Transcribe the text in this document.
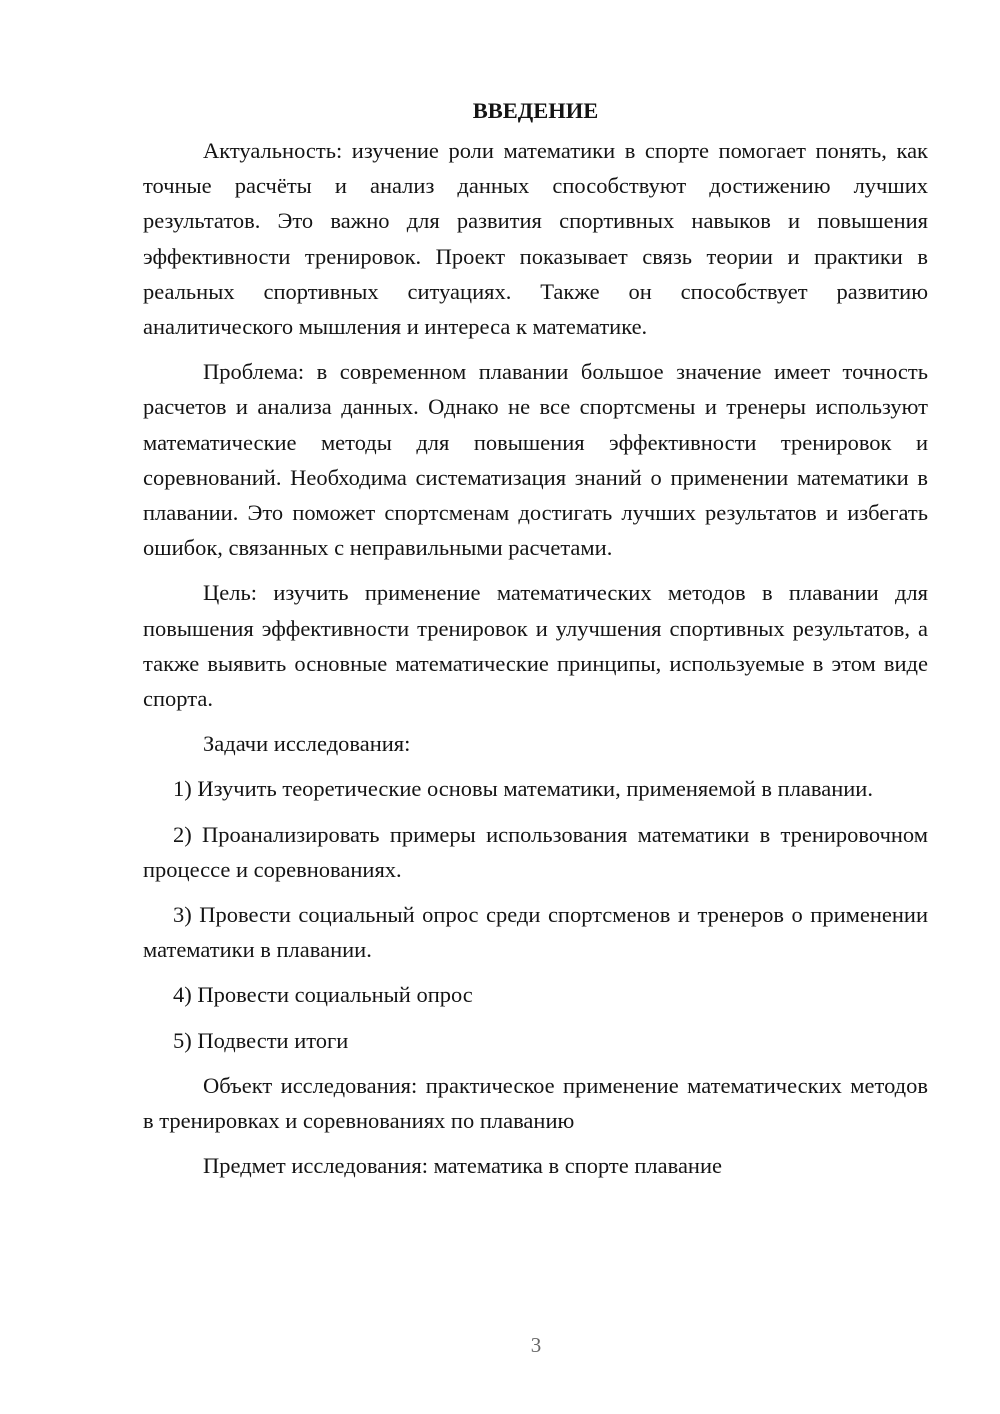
ВВЕДЕНИЕ

Актуальность: изучение роли математики в спорте помогает понять, как точные расчёты и анализ данных способствуют достижению лучших результатов. Это важно для развития спортивных навыков и повышения эффективности тренировок. Проект показывает связь теории и практики в реальных спортивных ситуациях. Также он способствует развитию аналитического мышления и интереса к математике.

Проблема: в современном плавании большое значение имеет точность расчетов и анализа данных. Однако не все спортсмены и тренеры используют математические методы для повышения эффективности тренировок и соревнований. Необходима систематизация знаний о применении математики в плавании. Это поможет спортсменам достигать лучших результатов и избегать ошибок, связанных с неправильными расчетами.

Цель: изучить применение математических методов в плавании для повышения эффективности тренировок и улучшения спортивных результатов, а также выявить основные математические принципы, используемые в этом виде спорта.

Задачи исследования:

1) Изучить теоретические основы математики, применяемой в плавании.

2) Проанализировать примеры использования математики в тренировочном процессе и соревнованиях.

3) Провести социальный опрос среди спортсменов и тренеров о применении математики в плавании.

4) Провести социальный опрос

5) Подвести итоги

Объект исследования: практическое применение математических методов в тренировках и соревнованиях по плаванию

Предмет исследования: математика в спорте плавание

3
